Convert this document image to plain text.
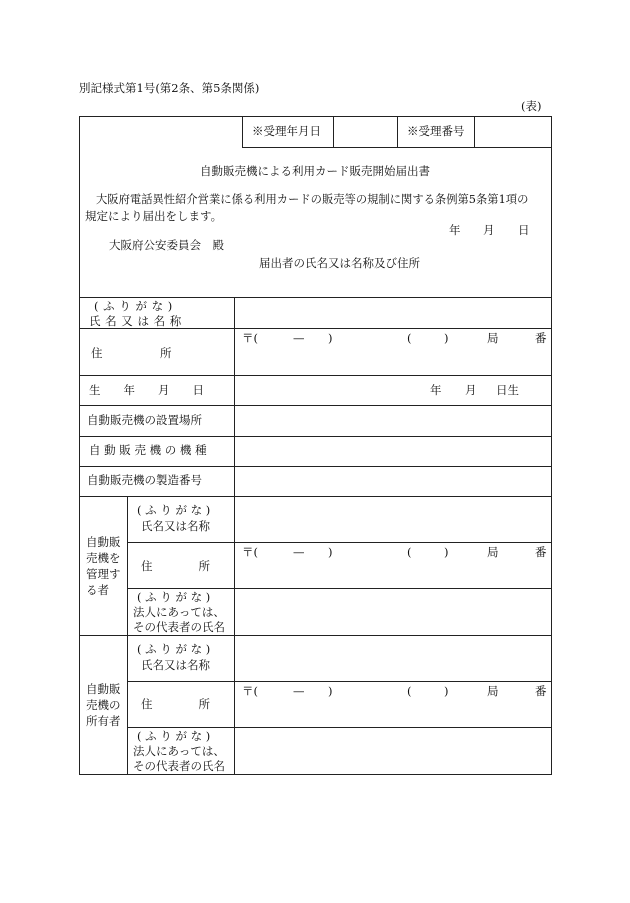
別記様式第1号(第2条、第5条関係)
(表)
※受理年月日	※受理番号
自動販売機による利用カード販売開始届出書
大阪府電話異性紹介営業に係る利用カードの販売等の規制に関する条例第5条第1項の
規定により届出をします。
年 月 日
大阪府公安委員会　殿
届出者の氏名又は名称及び住所
( ふ り が な )
氏 名 又 は 名 称
住　　　　　所
〒(	— )	(	)	局	番
生　　年　　月　　日	年 月 日生
自動販売機の設置場所
自 動 販 売 機 の 機 種
自動販売機の製造番号
自動販
売機を
管理す
る者
( ふ り が な )
氏名又は名称
住　　　　所
〒(	— )	(	)	局	番
( ふ り が な )
法人にあっては、
その代表者の氏名
自動販
売機の
所有者
( ふ り が な )
氏名又は名称
住　　　　所
〒(	— )	(	)	局	番
( ふ り が な )
法人にあっては、
その代表者の氏名
